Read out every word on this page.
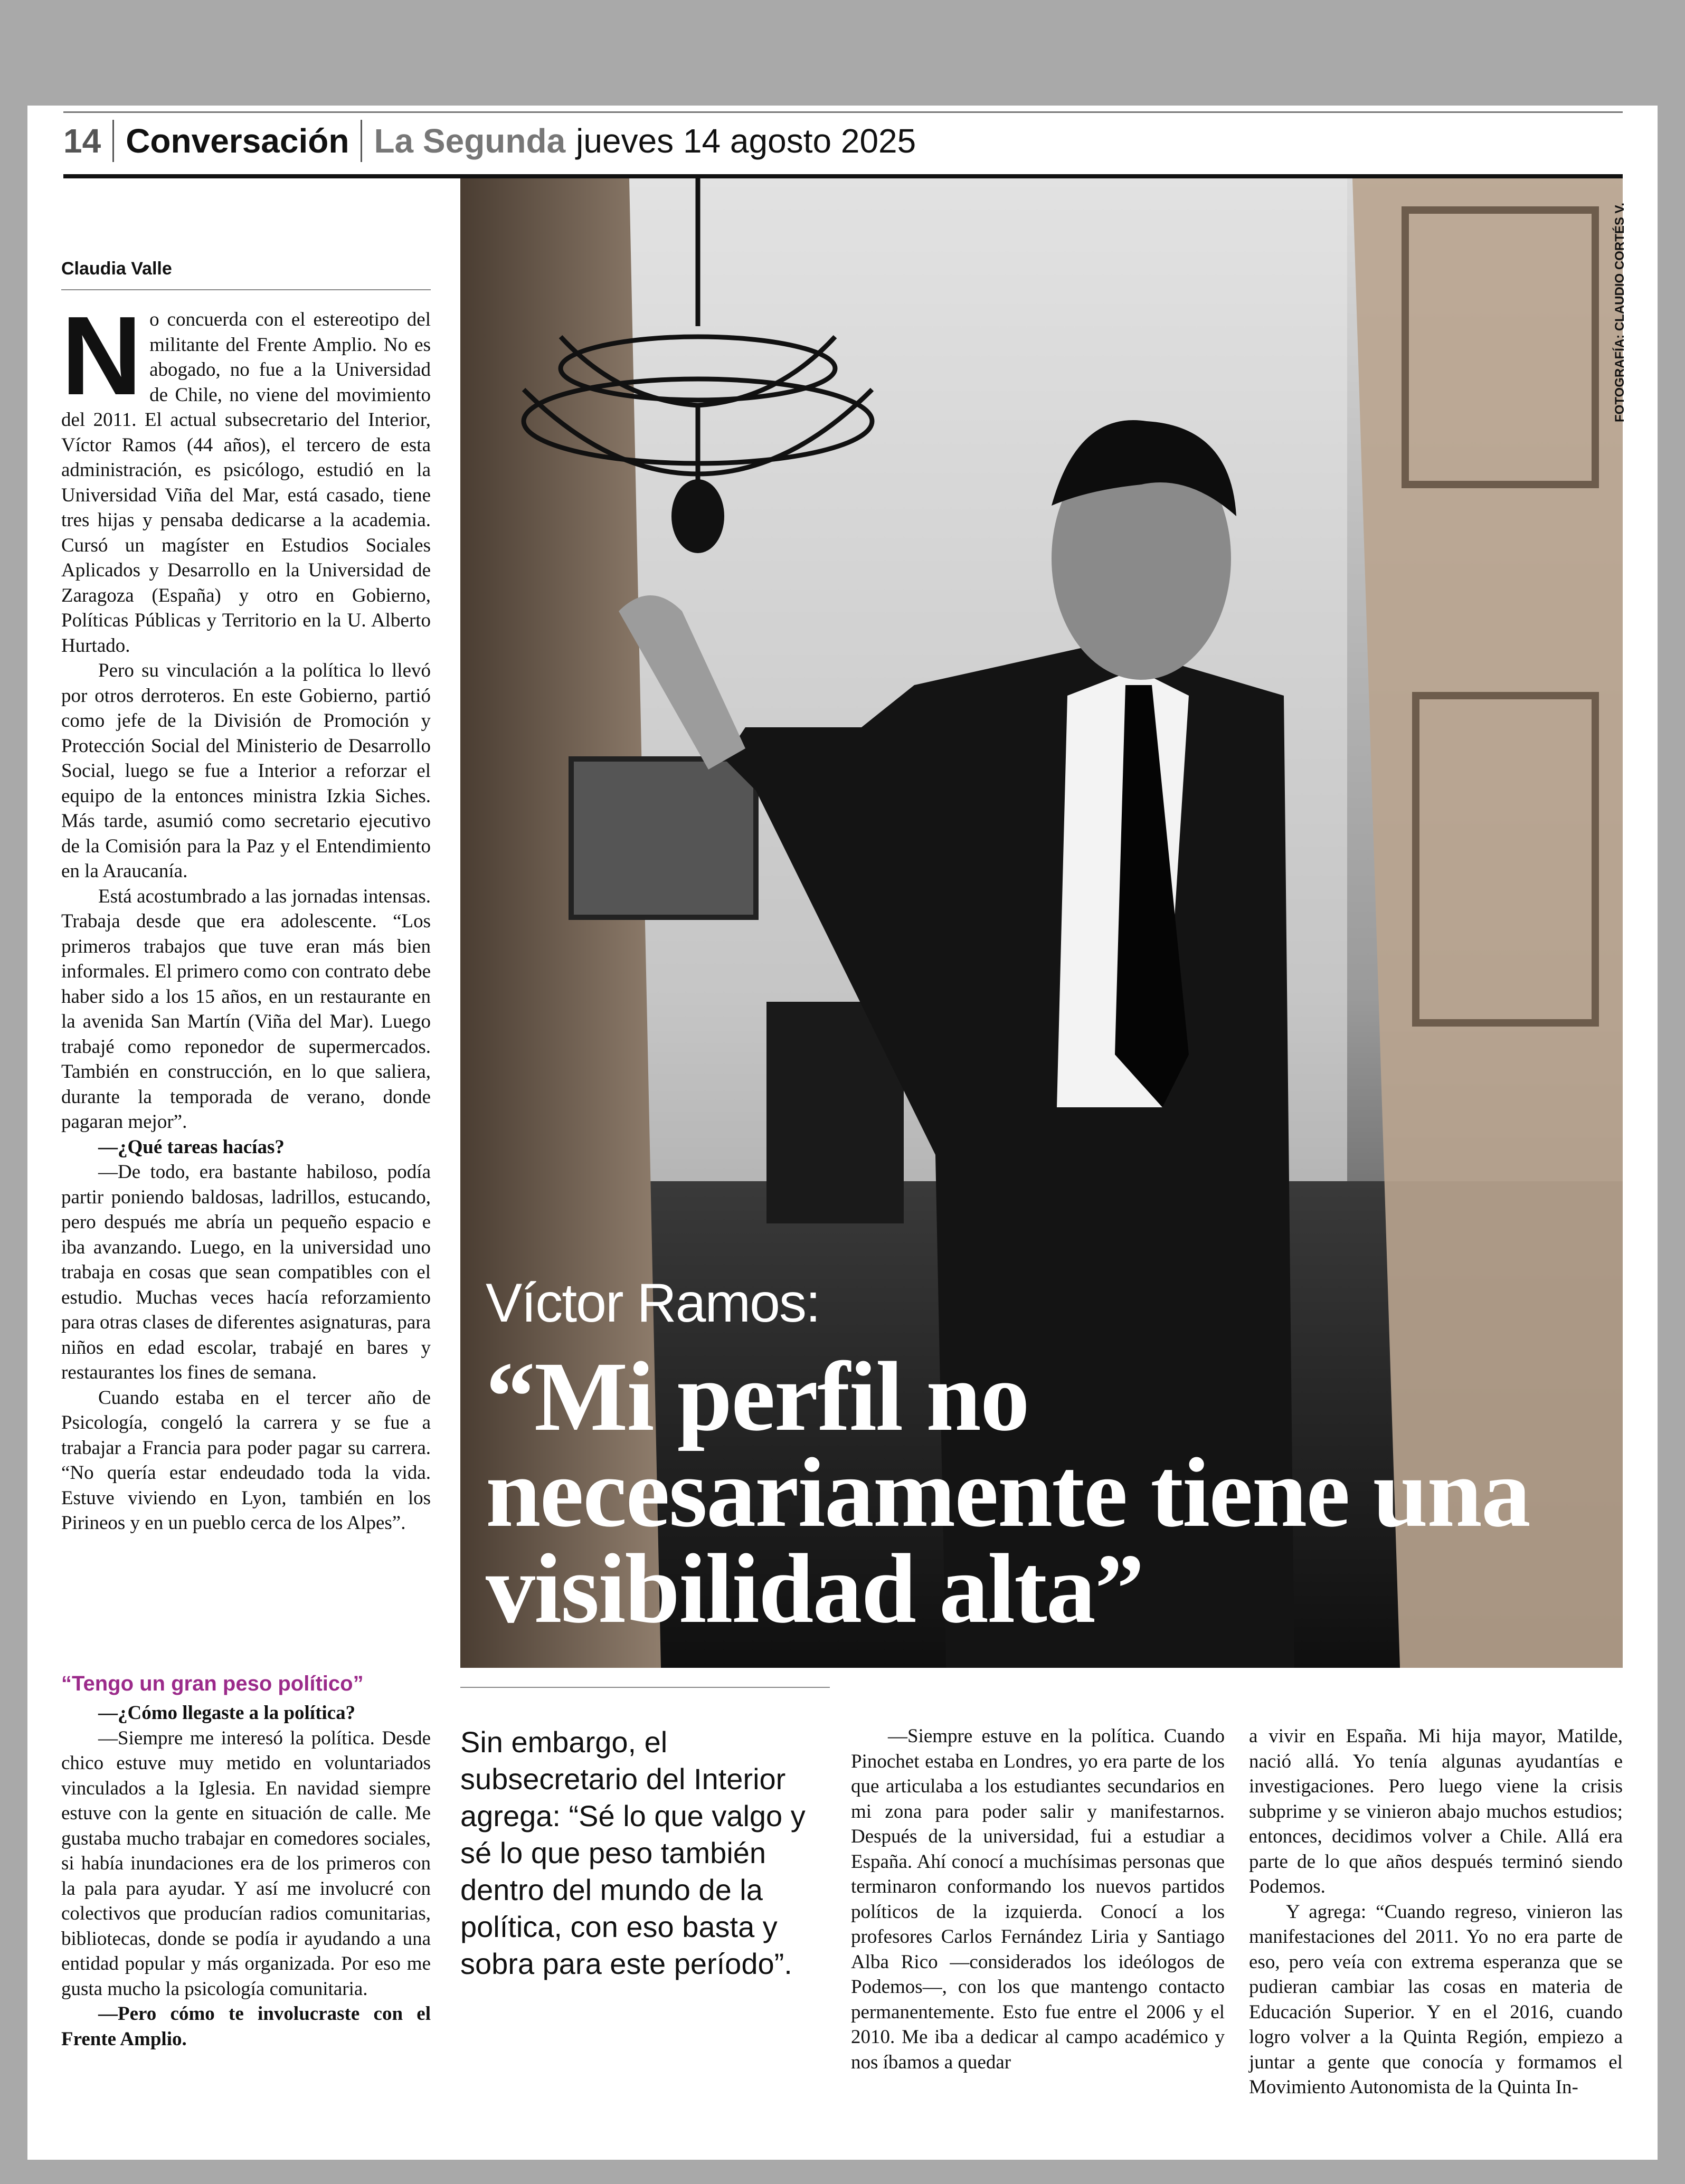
14 Conversación La Segunda jueves 14 agosto 2025
FOTOGRAFÍA: CLAUDIO CORTÉS V.
Víctor Ramos:
“Mi perfil no necesariamente tiene una visibilidad alta”
Claudia Valle

No concuerda con el estereotipo del militante del Frente Amplio. No es abogado, no fue a la Universidad de Chile, no viene del movimiento del 2011. El actual subsecretario del Interior, Víctor Ramos (44 años), el tercero de esta administración, es psicólogo, estudió en la Universidad Viña del Mar, está casado, tiene tres hijas y pensaba dedicarse a la academia. Cursó un magíster en Estudios Sociales Aplicados y Desarrollo en la Universidad de Zaragoza (España) y otro en Gobierno, Políticas Públicas y Territorio en la U. Alberto Hurtado.

Pero su vinculación a la política lo llevó por otros derroteros. En este Gobierno, partió como jefe de la División de Promoción y Protección Social del Ministerio de Desarrollo Social, luego se fue a Interior a reforzar el equipo de la entonces ministra Izkia Siches. Más tarde, asumió como secretario ejecutivo de la Comisión para la Paz y el Entendimiento en la Araucanía.

Está acostumbrado a las jornadas intensas. Trabaja desde que era adolescente. “Los primeros trabajos que tuve eran más bien informales. El primero como con contrato debe haber sido a los 15 años, en un restaurante en la avenida San Martín (Viña del Mar). Luego trabajé como reponedor de supermercados. También en construcción, en lo que saliera, durante la temporada de verano, donde pagaran mejor”.

—¿Qué tareas hacías?

—De todo, era bastante habiloso, podía partir poniendo baldosas, ladrillos, estucando, pero después me abría un pequeño espacio e iba avanzando. Luego, en la universidad uno trabaja en cosas que sean compatibles con el estudio. Muchas veces hacía reforzamiento para otras clases de diferentes asignaturas, para niños en edad escolar, trabajé en bares y restaurantes los fines de semana.

Cuando estaba en el tercer año de Psicología, congeló la carrera y se fue a trabajar a Francia para poder pagar su carrera. “No quería estar endeudado toda la vida. Estuve viviendo en Lyon, también en los Pirineos y en un pueblo cerca de los Alpes”.

“Tengo un gran peso político”

—¿Cómo llegaste a la política?

—Siempre me interesó la política. Desde chico estuve muy metido en voluntariados vinculados a la Iglesia. En navidad siempre estuve con la gente en situación de calle. Me gustaba mucho trabajar en comedores sociales, si había inundaciones era de los primeros con la pala para ayudar. Y así me involucré con colectivos que producían radios comunitarias, bibliotecas, donde se podía ir ayudando a una entidad popular y más organizada. Por eso me gusta mucho la psicología comunitaria.

—Pero cómo te involucraste con el Frente Amplio.

Sin embargo, el subsecretario del Interior agrega: “Sé lo que valgo y sé lo que peso también dentro del mundo de la política, con eso basta y sobra para este período”.

—Siempre estuve en la política. Cuando Pinochet estaba en Londres, yo era parte de los que articulaba a los estudiantes secundarios en mi zona para poder salir y manifestarnos. Después de la universidad, fui a estudiar a España. Ahí conocí a muchísimas personas que terminaron conformando los nuevos partidos políticos de la izquierda. Conocí a los profesores Carlos Fernández Liria y Santiago Alba Rico —considerados los ideólogos de Podemos—, con los que mantengo contacto permanentemente. Esto fue entre el 2006 y el 2010. Me iba a dedicar al campo académico y nos íbamos a quedar

a vivir en España. Mi hija mayor, Matilde, nació allá. Yo tenía algunas ayudantías e investigaciones. Pero luego viene la crisis subprime y se vinieron abajo muchos estudios; entonces, decidimos volver a Chile. Allá era parte de lo que años después terminó siendo Podemos.

Y agrega: “Cuando regreso, vinieron las manifestaciones del 2011. Yo no era parte de eso, pero veía con extrema esperanza que se pudieran cambiar las cosas en materia de Educación Superior. Y en el 2016, cuando logro volver a la Quinta Región, empiezo a juntar a gente que conocía y formamos el Movimiento Autonomista de la Quinta In-
